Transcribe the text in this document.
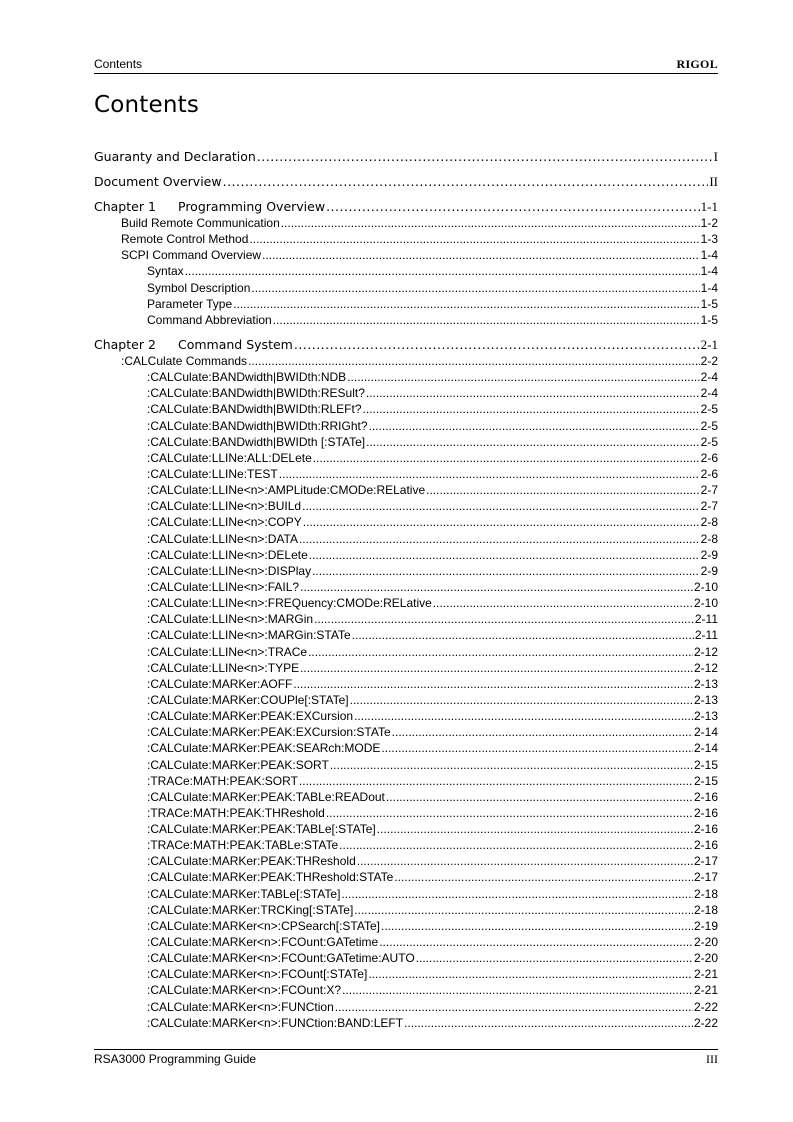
Contents	RIGOL
Contents
Guaranty and Declaration .....	I
Document Overview .....	II
Chapter 1 Programming Overview .....	1-1
Build Remote Communication .....	1-2
Remote Control Method .....	1-3
SCPI Command Overview .....	1-4
Syntax .....	1-4
Symbol Description .....	1-4
Parameter Type .....	1-5
Command Abbreviation .....	1-5
Chapter 2 Command System .....	2-1
:CALCulate Commands .....	2-2
:CALCulate:BANDwidth|BWIDth:NDB .....	2-4
:CALCulate:BANDwidth|BWIDth:RESult? .....	2-4
:CALCulate:BANDwidth|BWIDth:RLEFt? .....	2-5
:CALCulate:BANDwidth|BWIDth:RRIGht? .....	2-5
:CALCulate:BANDwidth|BWIDth [:STATe] .....	2-5
:CALCulate:LLINe:ALL:DELete .....	2-6
:CALCulate:LLINe:TEST .....	2-6
:CALCulate:LLINe<n>:AMPLitude:CMODe:RELative .....	2-7
:CALCulate:LLINe<n>:BUILd .....	2-7
:CALCulate:LLINe<n>:COPY .....	2-8
:CALCulate:LLINe<n>:DATA .....	2-8
:CALCulate:LLINe<n>:DELete .....	2-9
:CALCulate:LLINe<n>:DISPlay .....	2-9
:CALCulate:LLINe<n>:FAIL? .....	2-10
:CALCulate:LLINe<n>:FREQuency:CMODe:RELative .....	2-10
:CALCulate:LLINe<n>:MARGin .....	2-11
:CALCulate:LLINe<n>:MARGin:STATe .....	2-11
:CALCulate:LLINe<n>:TRACe .....	2-12
:CALCulate:LLINe<n>:TYPE .....	2-12
:CALCulate:MARKer:AOFF .....	2-13
:CALCulate:MARKer:COUPle[:STATe] .....	2-13
:CALCulate:MARKer:PEAK:EXCursion .....	2-13
:CALCulate:MARKer:PEAK:EXCursion:STATe .....	2-14
:CALCulate:MARKer:PEAK:SEARch:MODE .....	2-14
:CALCulate:MARKer:PEAK:SORT .....	2-15
:TRACe:MATH:PEAK:SORT .....	2-15
:CALCulate:MARKer:PEAK:TABLe:READout .....	2-16
:TRACe:MATH:PEAK:THReshold .....	2-16
:CALCulate:MARKer:PEAK:TABLe[:STATe] .....	2-16
:TRACe:MATH:PEAK:TABLe:STATe .....	2-16
:CALCulate:MARKer:PEAK:THReshold .....	2-17
:CALCulate:MARKer:PEAK:THReshold:STATe .....	2-17
:CALCulate:MARKer:TABLe[:STATe] .....	2-18
:CALCulate:MARKer:TRCKing[:STATe] .....	2-18
:CALCulate:MARKer<n>:CPSearch[:STATe] .....	2-19
:CALCulate:MARKer<n>:FCOunt:GATetime .....	2-20
:CALCulate:MARKer<n>:FCOunt:GATetime:AUTO .....	2-20
:CALCulate:MARKer<n>:FCOunt[:STATe] .....	2-21
:CALCulate:MARKer<n>:FCOunt:X? .....	2-21
:CALCulate:MARKer<n>:FUNCtion .....	2-22
:CALCulate:MARKer<n>:FUNCtion:BAND:LEFT .....	2-22
RSA3000 Programming Guide	III
